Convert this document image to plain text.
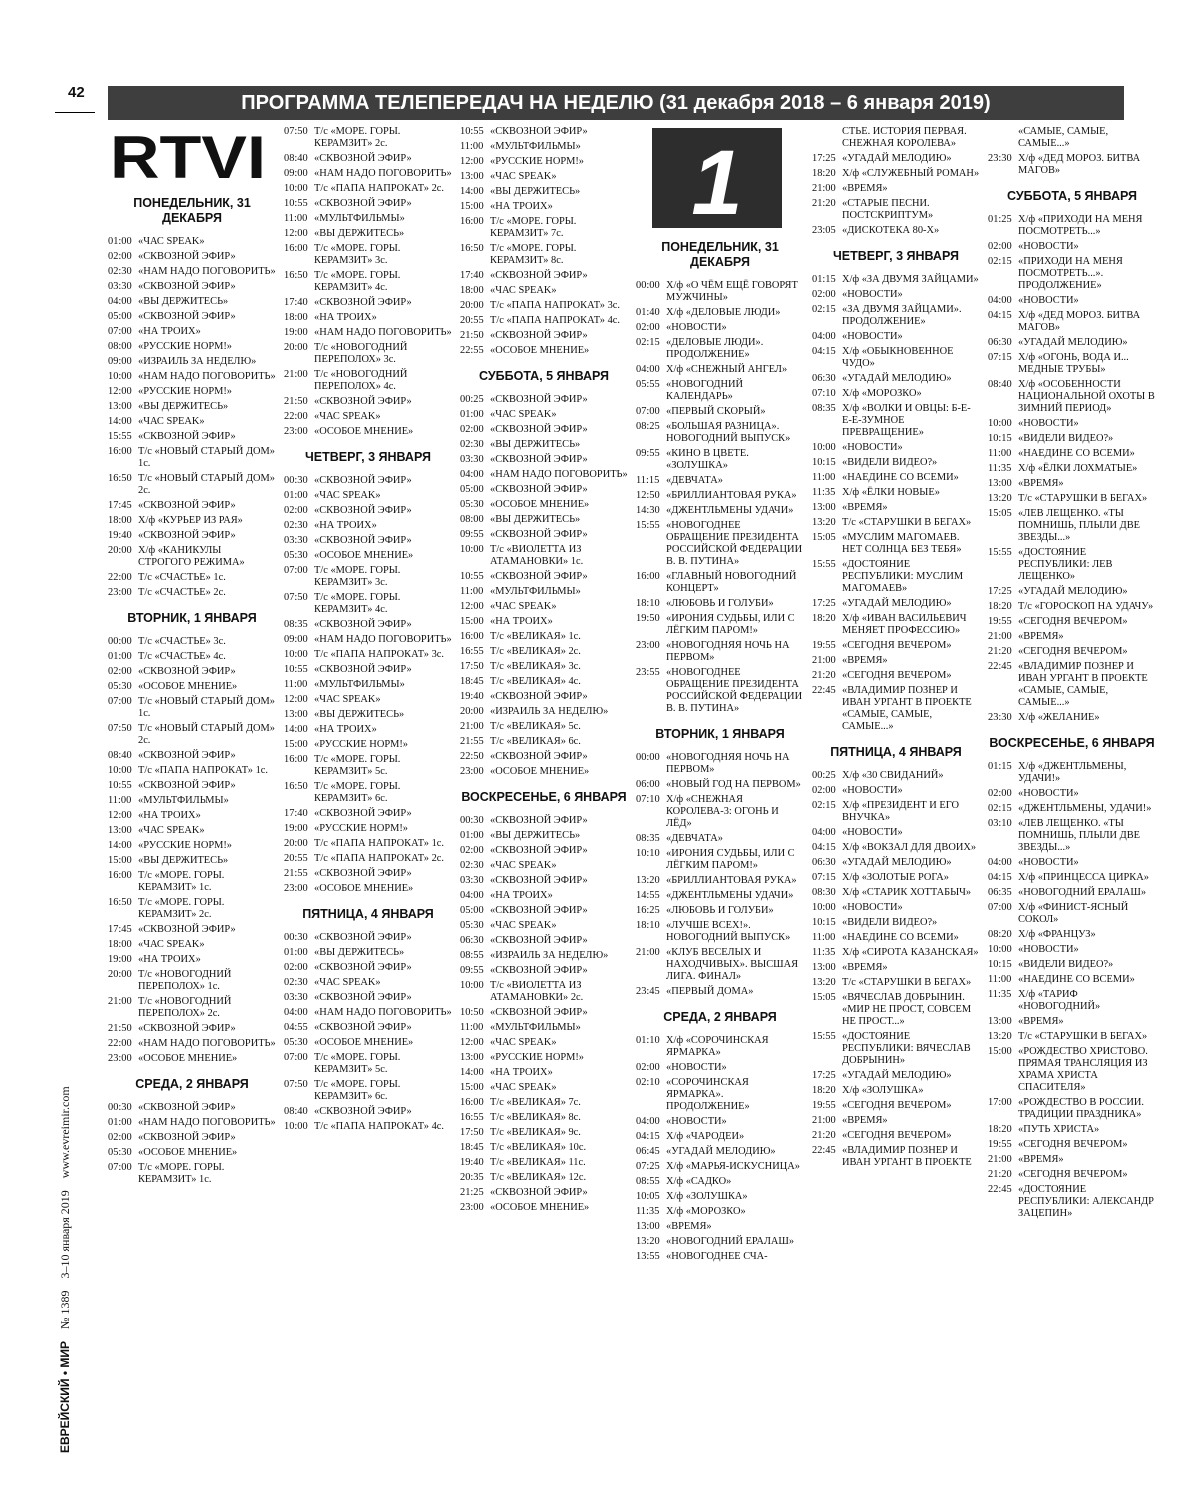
42	ПРОГРАММА ТЕЛЕПЕРЕДАЧ НА НЕДЕЛЮ (31 декабря 2018 – 6 января 2019)
ЕВРЕЙСКИЙ • МИР    № 1389    3–10 января 2019    www.evreimir.com
RTVI
ПОНЕДЕЛЬНИК, 31 ДЕКАБРЯ
01:00 «ЧАС SPEAK»
02:00 «СКВОЗНОЙ ЭФИР»
02:30 «НАМ НАДО ПОГОВОРИТЬ»
03:30 «СКВОЗНОЙ ЭФИР»
04:00 «ВЫ ДЕРЖИТЕСЬ»
05:00 «СКВОЗНОЙ ЭФИР»
07:00 «НА ТРОИХ»
08:00 «РУССКИЕ НОРМ!»
09:00 «ИЗРАИЛЬ ЗА НЕДЕЛЮ»
10:00 «НАМ НАДО ПОГОВОРИТЬ»
12:00 «РУССКИЕ НОРМ!»
13:00 «ВЫ ДЕРЖИТЕСЬ»
14:00 «ЧАС SPEAK»
15:55 «СКВОЗНОЙ ЭФИР»
16:00 Т/с «НОВЫЙ СТАРЫЙ ДОМ» 1с.
16:50 Т/с «НОВЫЙ СТАРЫЙ ДОМ» 2с.
17:45 «СКВОЗНОЙ ЭФИР»
18:00 Х/ф «КУРЬЕР ИЗ РАЯ»
19:40 «СКВОЗНОЙ ЭФИР»
20:00 Х/ф «КАНИКУЛЫ СТРОГОГО РЕЖИМА»
22:00 Т/с «СЧАСТЬЕ» 1с.
23:00 Т/с «СЧАСТЬЕ» 2с.
ВТОРНИК, 1 ЯНВАРЯ
00:00 Т/с «СЧАСТЬЕ» 3с.
01:00 Т/с «СЧАСТЬЕ» 4с.
02:00 «СКВОЗНОЙ ЭФИР»
05:30 «ОСОБОЕ МНЕНИЕ»
07:00 Т/с «НОВЫЙ СТАРЫЙ ДОМ» 1с.
07:50 Т/с «НОВЫЙ СТАРЫЙ ДОМ» 2с.
08:40 «СКВОЗНОЙ ЭФИР»
10:00 Т/с «ПАПА НАПРОКАТ» 1с.
10:55 «СКВОЗНОЙ ЭФИР»
11:00 «МУЛЬТФИЛЬМЫ»
12:00 «НА ТРОИХ»
13:00 «ЧАС SPEAK»
14:00 «РУССКИЕ НОРМ!»
15:00 «ВЫ ДЕРЖИТЕСЬ»
16:00 Т/с «МОРЕ. ГОРЫ. КЕРАМЗИТ» 1с.
16:50 Т/с «МОРЕ. ГОРЫ. КЕРАМЗИТ» 2с.
17:45 «СКВОЗНОЙ ЭФИР»
18:00 «ЧАС SPEAK»
19:00 «НА ТРОИХ»
20:00 Т/с «НОВОГОДНИЙ ПЕРЕПОЛОХ» 1с.
21:00 Т/с «НОВОГОДНИЙ ПЕРЕПОЛОХ» 2с.
21:50 «СКВОЗНОЙ ЭФИР»
22:00 «НАМ НАДО ПОГОВОРИТЬ»
23:00 «ОСОБОЕ МНЕНИЕ»
СРЕДА, 2 ЯНВАРЯ
00:30 «СКВОЗНОЙ ЭФИР»
01:00 «НАМ НАДО ПОГОВОРИТЬ»
02:00 «СКВОЗНОЙ ЭФИР»
05:30 «ОСОБОЕ МНЕНИЕ»
07:00 Т/с «МОРЕ. ГОРЫ. КЕРАМЗИТ» 1с.
07:50 Т/с «МОРЕ. ГОРЫ. КЕРАМЗИТ» 2с.
08:40 «СКВОЗНОЙ ЭФИР»
09:00 «НАМ НАДО ПОГОВОРИТЬ»
10:00 Т/с «ПАПА НАПРОКАТ» 2с.
10:55 «СКВОЗНОЙ ЭФИР»
11:00 «МУЛЬТФИЛЬМЫ»
12:00 «ВЫ ДЕРЖИТЕСЬ»
16:00 Т/с «МОРЕ. ГОРЫ. КЕРАМЗИТ» 3с.
16:50 Т/с «МОРЕ. ГОРЫ. КЕРАМЗИТ» 4с.
17:40 «СКВОЗНОЙ ЭФИР»
18:00 «НА ТРОИХ»
19:00 «НАМ НАДО ПОГОВОРИТЬ»
20:00 Т/с «НОВОГОДНИЙ ПЕРЕПОЛОХ» 3с.
21:00 Т/с «НОВОГОДНИЙ ПЕРЕПОЛОХ» 4с.
21:50 «СКВОЗНОЙ ЭФИР»
22:00 «ЧАС SPEAK»
23:00 «ОСОБОЕ МНЕНИЕ»
ЧЕТВЕРГ, 3 ЯНВАРЯ
00:30 «СКВОЗНОЙ ЭФИР»
01:00 «ЧАС SPEAK»
02:00 «СКВОЗНОЙ ЭФИР»
02:30 «НА ТРОИХ»
03:30 «СКВОЗНОЙ ЭФИР»
05:30 «ОСОБОЕ МНЕНИЕ»
07:00 Т/с «МОРЕ. ГОРЫ. КЕРАМЗИТ» 3с.
07:50 Т/с «МОРЕ. ГОРЫ. КЕРАМЗИТ» 4с.
08:35 «СКВОЗНОЙ ЭФИР»
09:00 «НАМ НАДО ПОГОВОРИТЬ»
10:00 Т/с «ПАПА НАПРОКАТ» 3с.
10:55 «СКВОЗНОЙ ЭФИР»
11:00 «МУЛЬТФИЛЬМЫ»
12:00 «ЧАС SPEAK»
13:00 «ВЫ ДЕРЖИТЕСЬ»
14:00 «НА ТРОИХ»
15:00 «РУССКИЕ НОРМ!»
16:00 Т/с «МОРЕ. ГОРЫ. КЕРАМЗИТ» 5с.
16:50 Т/с «МОРЕ. ГОРЫ. КЕРАМЗИТ» 6с.
17:40 «СКВОЗНОЙ ЭФИР»
19:00 «РУССКИЕ НОРМ!»
20:00 Т/с «ПАПА НАПРОКАТ» 1с.
20:55 Т/с «ПАПА НАПРОКАТ» 2с.
21:55 «СКВОЗНОЙ ЭФИР»
23:00 «ОСОБОЕ МНЕНИЕ»
ПЯТНИЦА, 4 ЯНВАРЯ
00:30 «СКВОЗНОЙ ЭФИР»
01:00 «ВЫ ДЕРЖИТЕСЬ»
02:00 «СКВОЗНОЙ ЭФИР»
02:30 «ЧАС SPEAK»
03:30 «СКВОЗНОЙ ЭФИР»
04:00 «НАМ НАДО ПОГОВОРИТЬ»
04:55 «СКВОЗНОЙ ЭФИР»
05:30 «ОСОБОЕ МНЕНИЕ»
07:00 Т/с «МОРЕ. ГОРЫ. КЕРАМЗИТ» 5с.
07:50 Т/с «МОРЕ. ГОРЫ. КЕРАМЗИТ» 6с.
08:40 «СКВОЗНОЙ ЭФИР»
10:00 Т/с «ПАПА НАПРОКАТ» 4с.
10:55 «СКВОЗНОЙ ЭФИР»
11:00 «МУЛЬТФИЛЬМЫ»
12:00 «РУССКИЕ НОРМ!»
13:00 «ЧАС SPEAK»
14:00 «ВЫ ДЕРЖИТЕСЬ»
15:00 «НА ТРОИХ»
16:00 Т/с «МОРЕ. ГОРЫ. КЕРАМЗИТ» 7с.
16:50 Т/с «МОРЕ. ГОРЫ. КЕРАМЗИТ» 8с.
17:40 «СКВОЗНОЙ ЭФИР»
18:00 «ЧАС SPEAK»
20:00 Т/с «ПАПА НАПРОКАТ» 3с.
20:55 Т/с «ПАПА НАПРОКАТ» 4с.
21:50 «СКВОЗНОЙ ЭФИР»
22:55 «ОСОБОЕ МНЕНИЕ»
СУББОТА, 5 ЯНВАРЯ
00:25 «СКВОЗНОЙ ЭФИР»
01:00 «ЧАС SPEAK»
02:00 «СКВОЗНОЙ ЭФИР»
02:30 «ВЫ ДЕРЖИТЕСЬ»
03:30 «СКВОЗНОЙ ЭФИР»
04:00 «НАМ НАДО ПОГОВОРИТЬ»
05:00 «СКВОЗНОЙ ЭФИР»
05:30 «ОСОБОЕ МНЕНИЕ»
08:00 «ВЫ ДЕРЖИТЕСЬ»
09:55 «СКВОЗНОЙ ЭФИР»
10:00 Т/с «ВИОЛЕТТА ИЗ АТАМАНОВКИ» 1с.
10:55 «СКВОЗНОЙ ЭФИР»
11:00 «МУЛЬТФИЛЬМЫ»
12:00 «ЧАС SPEAK»
15:00 «НА ТРОИХ»
16:00 Т/с «ВЕЛИКАЯ» 1с.
16:55 Т/с «ВЕЛИКАЯ» 2с.
17:50 Т/с «ВЕЛИКАЯ» 3с.
18:45 Т/с «ВЕЛИКАЯ» 4с.
19:40 «СКВОЗНОЙ ЭФИР»
20:00 «ИЗРАИЛЬ ЗА НЕДЕЛЮ»
21:00 Т/с «ВЕЛИКАЯ» 5с.
21:55 Т/с «ВЕЛИКАЯ» 6с.
22:50 «СКВОЗНОЙ ЭФИР»
23:00 «ОСОБОЕ МНЕНИЕ»
ВОСКРЕСЕНЬЕ, 6 ЯНВАРЯ
00:30 «СКВОЗНОЙ ЭФИР»
01:00 «ВЫ ДЕРЖИТЕСЬ»
02:00 «СКВОЗНОЙ ЭФИР»
02:30 «ЧАС SPEAK»
03:30 «СКВОЗНОЙ ЭФИР»
04:00 «НА ТРОИХ»
05:00 «СКВОЗНОЙ ЭФИР»
05:30 «ЧАС SPEAK»
06:30 «СКВОЗНОЙ ЭФИР»
08:55 «ИЗРАИЛЬ ЗА НЕДЕЛЮ»
09:55 «СКВОЗНОЙ ЭФИР»
10:00 Т/с «ВИОЛЕТТА ИЗ АТАМАНОВКИ» 2с.
10:50 «СКВОЗНОЙ ЭФИР»
11:00 «МУЛЬТФИЛЬМЫ»
12:00 «ЧАС SPEAK»
13:00 «РУССКИЕ НОРМ!»
14:00 «НА ТРОИХ»
15:00 «ЧАС SPEAK»
16:00 Т/с «ВЕЛИКАЯ» 7с.
16:55 Т/с «ВЕЛИКАЯ» 8с.
17:50 Т/с «ВЕЛИКАЯ» 9с.
18:45 Т/с «ВЕЛИКАЯ» 10с.
19:40 Т/с «ВЕЛИКАЯ» 11с.
20:35 Т/с «ВЕЛИКАЯ» 12с.
21:25 «СКВОЗНОЙ ЭФИР»
23:00 «ОСОБОЕ МНЕНИЕ»
1
ПОНЕДЕЛЬНИК, 31 ДЕКАБРЯ
00:00 Х/ф «О ЧЁМ ЕЩЁ ГОВОРЯТ МУЖЧИНЫ»
01:40 Х/ф «ДЕЛОВЫЕ ЛЮДИ»
02:00 «НОВОСТИ»
02:15 «ДЕЛОВЫЕ ЛЮДИ». ПРОДОЛЖЕНИЕ»
04:00 Х/ф «СНЕЖНЫЙ АНГЕЛ»
05:55 «НОВОГОДНИЙ КАЛЕНДАРЬ»
07:00 «ПЕРВЫЙ СКОРЫЙ»
08:25 «БОЛЬШАЯ РАЗНИЦА». НОВОГОДНИЙ ВЫПУСК»
09:55 «КИНО В ЦВЕТЕ. «ЗОЛУШКА»
11:15 «ДЕВЧАТА»
12:50 «БРИЛЛИАНТОВАЯ РУКА»
14:30 «ДЖЕНТЛЬМЕНЫ УДАЧИ»
15:55 «НОВОГОДНЕЕ ОБРАЩЕНИЕ ПРЕЗИДЕНТА РОССИЙСКОЙ ФЕДЕРАЦИИ В. В. ПУТИНА»
16:00 «ГЛАВНЫЙ НОВОГОДНИЙ КОНЦЕРТ»
18:10 «ЛЮБОВЬ И ГОЛУБИ»
19:50 «ИРОНИЯ СУДЬБЫ, ИЛИ С ЛЁГКИМ ПАРОМ!»
23:00 «НОВОГОДНЯЯ НОЧЬ НА ПЕРВОМ»
23:55 «НОВОГОДНЕЕ ОБРАЩЕНИЕ ПРЕЗИДЕНТА РОССИЙСКОЙ ФЕДЕРАЦИИ В. В. ПУТИНА»
ВТОРНИК, 1 ЯНВАРЯ
00:00 «НОВОГОДНЯЯ НОЧЬ НА ПЕРВОМ»
06:00 «НОВЫЙ ГОД НА ПЕРВОМ»
07:10 Х/ф «СНЕЖНАЯ КОРОЛЕВА-3: ОГОНЬ И ЛЁД»
08:35 «ДЕВЧАТА»
10:10 «ИРОНИЯ СУДЬБЫ, ИЛИ С ЛЁГКИМ ПАРОМ!»
13:20 «БРИЛЛИАНТОВАЯ РУКА»
14:55 «ДЖЕНТЛЬМЕНЫ УДАЧИ»
16:25 «ЛЮБОВЬ И ГОЛУБИ»
18:10 «ЛУЧШЕ ВСЕХ!». НОВОГОДНИЙ ВЫПУСК»
21:00 «КЛУБ ВЕСЕЛЫХ И НАХОДЧИВЫХ». ВЫСШАЯ ЛИГА. ФИНАЛ»
23:45 «ПЕРВЫЙ ДОМА»
СРЕДА, 2 ЯНВАРЯ
01:10 Х/ф «СОРОЧИНСКАЯ ЯРМАРКА»
02:00 «НОВОСТИ»
02:10 «СОРОЧИНСКАЯ ЯРМАРКА». ПРОДОЛЖЕНИЕ»
04:00 «НОВОСТИ»
04:15 Х/ф «ЧАРОДЕИ»
06:45 «УГАДАЙ МЕЛОДИЮ»
07:25 Х/ф «МАРЬЯ-ИСКУСНИЦА»
08:55 Х/ф «САДКО»
10:05 Х/ф «ЗОЛУШКА»
11:35 Х/ф «МОРОЗКО»
13:00 «ВРЕМЯ»
13:20 «НОВОГОДНИЙ ЕРАЛАШ»
13:55 «НОВОГОДНЕЕ СЧА-
СТЬЕ. ИСТОРИЯ ПЕРВАЯ. СНЕЖНАЯ КОРОЛЕВА»
17:25 «УГАДАЙ МЕЛОДИЮ»
18:20 Х/ф «СЛУЖЕБНЫЙ РОМАН»
21:00 «ВРЕМЯ»
21:20 «СТАРЫЕ ПЕСНИ. ПОСТСКРИПТУМ»
23:05 «ДИСКОТЕКА 80-Х»
ЧЕТВЕРГ, 3 ЯНВАРЯ
01:15 Х/ф «ЗА ДВУМЯ ЗАЙЦАМИ»
02:00 «НОВОСТИ»
02:15 «ЗА ДВУМЯ ЗАЙЦАМИ». ПРОДОЛЖЕНИЕ»
04:00 «НОВОСТИ»
04:15 Х/ф «ОБЫКНОВЕННОЕ ЧУДО»
06:30 «УГАДАЙ МЕЛОДИЮ»
07:10 Х/ф «МОРОЗКО»
08:35 Х/ф «ВОЛКИ И ОВЦЫ: Б-Е-Е-Е-ЗУМНОЕ ПРЕВРАЩЕНИЕ»
10:00 «НОВОСТИ»
10:15 «ВИДЕЛИ ВИДЕО?»
11:00 «НАЕДИНЕ СО ВСЕМИ»
11:35 Х/ф «ЁЛКИ НОВЫЕ»
13:00 «ВРЕМЯ»
13:20 Т/с «СТАРУШКИ В БЕГАХ»
15:05 «МУСЛИМ МАГОМАЕВ. НЕТ СОЛНЦА БЕЗ ТЕБЯ»
15:55 «ДОСТОЯНИЕ РЕСПУБЛИКИ: МУСЛИМ МАГОМАЕВ»
17:25 «УГАДАЙ МЕЛОДИЮ»
18:20 Х/ф «ИВАН ВАСИЛЬЕВИЧ МЕНЯЕТ ПРОФЕССИЮ»
19:55 «СЕГОДНЯ ВЕЧЕРОМ»
21:00 «ВРЕМЯ»
21:20 «СЕГОДНЯ ВЕЧЕРОМ»
22:45 «ВЛАДИМИР ПОЗНЕР И ИВАН УРГАНТ В ПРОЕКТЕ «САМЫЕ, САМЫЕ, САМЫЕ...»
ПЯТНИЦА, 4 ЯНВАРЯ
00:25 Х/ф «30 СВИДАНИЙ»
02:00 «НОВОСТИ»
02:15 Х/ф «ПРЕЗИДЕНТ И ЕГО ВНУЧКА»
04:00 «НОВОСТИ»
04:15 Х/ф «ВОКЗАЛ ДЛЯ ДВОИХ»
06:30 «УГАДАЙ МЕЛОДИЮ»
07:15 Х/ф «ЗОЛОТЫЕ РОГА»
08:30 Х/ф «СТАРИК ХОТТАБЫЧ»
10:00 «НОВОСТИ»
10:15 «ВИДЕЛИ ВИДЕО?»
11:00 «НАЕДИНЕ СО ВСЕМИ»
11:35 Х/ф «СИРОТА КАЗАНСКАЯ»
13:00 «ВРЕМЯ»
13:20 Т/с «СТАРУШКИ В БЕГАХ»
15:05 «ВЯЧЕСЛАВ ДОБРЫНИН. «МИР НЕ ПРОСТ, СОВСЕМ НЕ ПРОСТ...»
15:55 «ДОСТОЯНИЕ РЕСПУБЛИКИ: ВЯЧЕСЛАВ ДОБРЫНИН»
17:25 «УГАДАЙ МЕЛОДИЮ»
18:20 Х/ф «ЗОЛУШКА»
19:55 «СЕГОДНЯ ВЕЧЕРОМ»
21:00 «ВРЕМЯ»
21:20 «СЕГОДНЯ ВЕЧЕРОМ»
22:45 «ВЛАДИМИР ПОЗНЕР И ИВАН УРГАНТ В ПРОЕКТЕ
«САМЫЕ, САМЫЕ, САМЫЕ...»
23:30 Х/ф «ДЕД МОРОЗ. БИТВА МАГОВ»
СУББОТА, 5 ЯНВАРЯ
01:25 Х/ф «ПРИХОДИ НА МЕНЯ ПОСМОТРЕТЬ...»
02:00 «НОВОСТИ»
02:15 «ПРИХОДИ НА МЕНЯ ПОСМОТРЕТЬ...». ПРОДОЛЖЕНИЕ»
04:00 «НОВОСТИ»
04:15 Х/ф «ДЕД МОРОЗ. БИТВА МАГОВ»
06:30 «УГАДАЙ МЕЛОДИЮ»
07:15 Х/ф «ОГОНЬ, ВОДА И... МЕДНЫЕ ТРУБЫ»
08:40 Х/ф «ОСОБЕННОСТИ НАЦИОНАЛЬНОЙ ОХОТЫ В ЗИМНИЙ ПЕРИОД»
10:00 «НОВОСТИ»
10:15 «ВИДЕЛИ ВИДЕО?»
11:00 «НАЕДИНЕ СО ВСЕМИ»
11:35 Х/ф «ЁЛКИ ЛОХМАТЫЕ»
13:00 «ВРЕМЯ»
13:20 Т/с «СТАРУШКИ В БЕГАХ»
15:05 «ЛЕВ ЛЕЩЕНКО. «ТЫ ПОМНИШЬ, ПЛЫЛИ ДВЕ ЗВЕЗДЫ...»
15:55 «ДОСТОЯНИЕ РЕСПУБЛИКИ: ЛЕВ ЛЕЩЕНКО»
17:25 «УГАДАЙ МЕЛОДИЮ»
18:20 Т/с «ГОРОСКОП НА УДАЧУ»
19:55 «СЕГОДНЯ ВЕЧЕРОМ»
21:00 «ВРЕМЯ»
21:20 «СЕГОДНЯ ВЕЧЕРОМ»
22:45 «ВЛАДИМИР ПОЗНЕР И ИВАН УРГАНТ В ПРОЕКТЕ «САМЫЕ, САМЫЕ, САМЫЕ...»
23:30 Х/ф «ЖЕЛАНИЕ»
ВОСКРЕСЕНЬЕ, 6 ЯНВАРЯ
01:15 Х/ф «ДЖЕНТЛЬМЕНЫ, УДАЧИ!»
02:00 «НОВОСТИ»
02:15 «ДЖЕНТЛЬМЕНЫ, УДАЧИ!»
03:10 «ЛЕВ ЛЕЩЕНКО. «ТЫ ПОМНИШЬ, ПЛЫЛИ ДВЕ ЗВЕЗДЫ...»
04:00 «НОВОСТИ»
04:15 Х/ф «ПРИНЦЕССА ЦИРКА»
06:35 «НОВОГОДНИЙ ЕРАЛАШ»
07:00 Х/ф «ФИНИСТ-ЯСНЫЙ СОКОЛ»
08:20 Х/ф «ФРАНЦУЗ»
10:00 «НОВОСТИ»
10:15 «ВИДЕЛИ ВИДЕО?»
11:00 «НАЕДИНЕ СО ВСЕМИ»
11:35 Х/ф «ТАРИФ «НОВОГОДНИЙ»
13:00 «ВРЕМЯ»
13:20 Т/с «СТАРУШКИ В БЕГАХ»
15:00 «РОЖДЕСТВО ХРИСТОВО. ПРЯМАЯ ТРАНСЛЯЦИЯ ИЗ ХРАМА ХРИСТА СПАСИТЕЛЯ»
17:00 «РОЖДЕСТВО В РОССИИ. ТРАДИЦИИ ПРАЗДНИКА»
18:20 «ПУТЬ ХРИСТА»
19:55 «СЕГОДНЯ ВЕЧЕРОМ»
21:00 «ВРЕМЯ»
21:20 «СЕГОДНЯ ВЕЧЕРОМ»
22:45 «ДОСТОЯНИЕ РЕСПУБЛИКИ: АЛЕКСАНДР ЗАЦЕПИН»
